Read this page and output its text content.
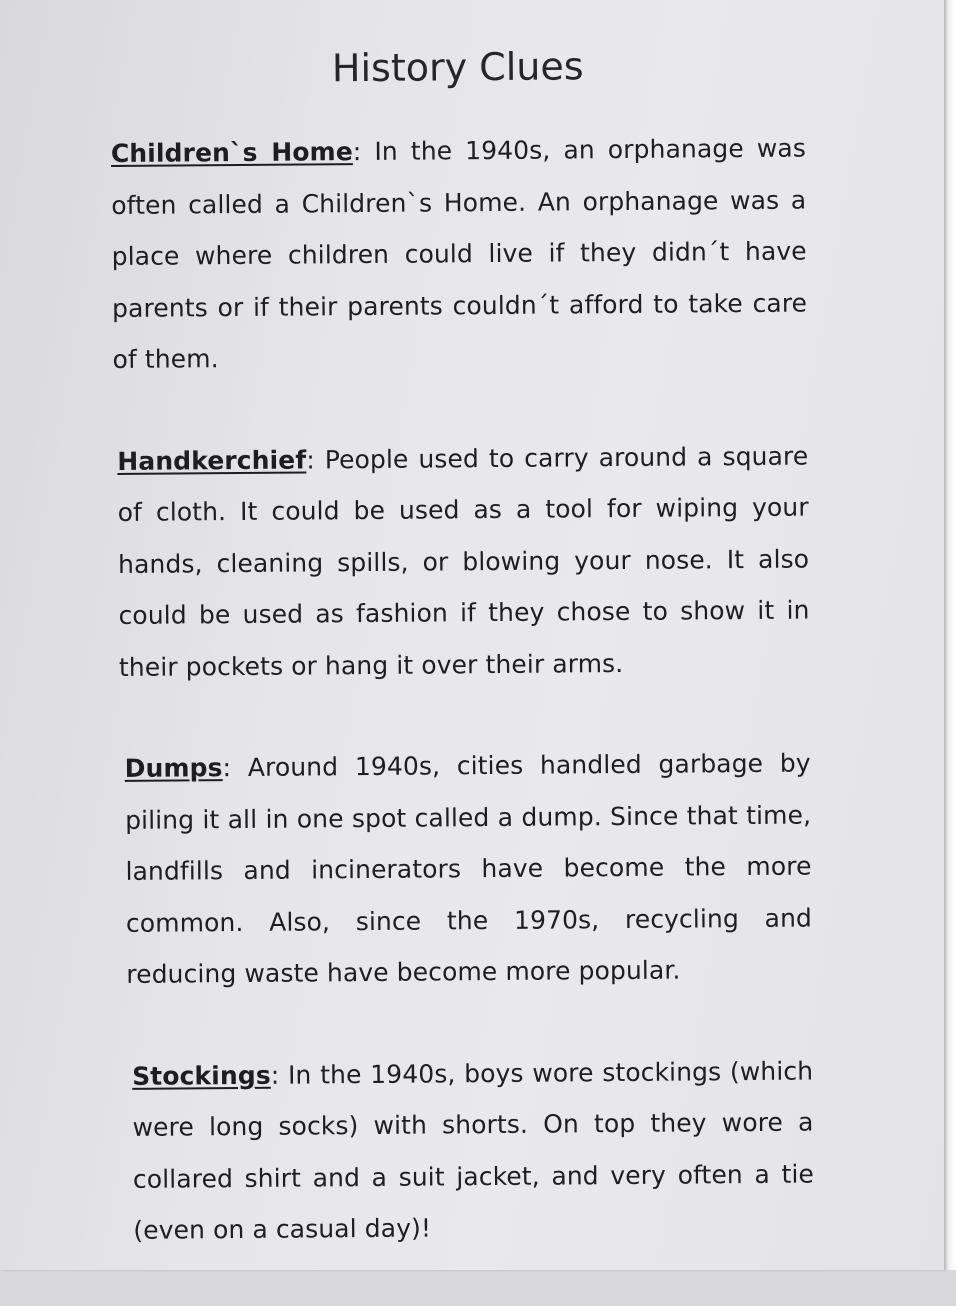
History Clues

Children`s Home: In the 1940s, an orphanage was often called a Children`s Home. An orphanage was a place where children could live if they didn´t have parents or if their parents couldn´t afford to take care of them.

Handkerchief: People used to carry around a square of cloth. It could be used as a tool for wiping your hands, cleaning spills, or blowing your nose. It also could be used as fashion if they chose to show it in their pockets or hang it over their arms.

Dumps: Around 1940s, cities handled garbage by piling it all in one spot called a dump. Since that time, landfills and incinerators have become the more common. Also, since the 1970s, recycling and reducing waste have become more popular.

Stockings: In the 1940s, boys wore stockings (which were long socks) with shorts. On top they wore a collared shirt and a suit jacket, and very often a tie (even on a casual day)!
